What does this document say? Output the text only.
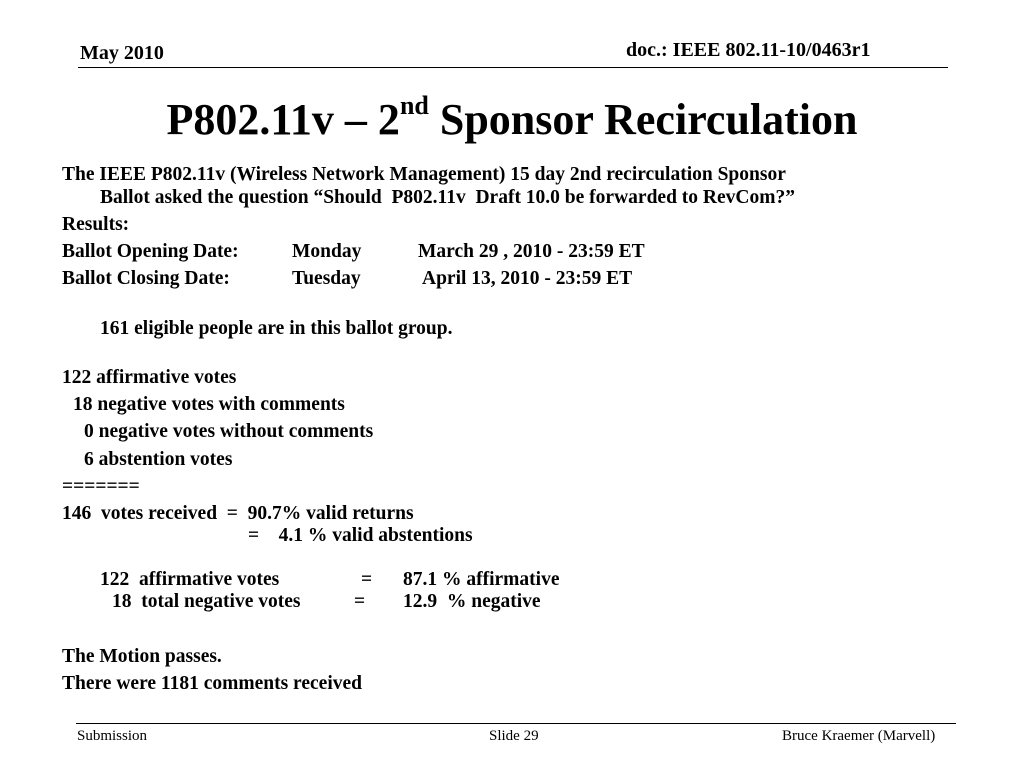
May 2010	doc.: IEEE 802.11-10/0463r1
P802.11v – 2nd Sponsor Recirculation
The IEEE P802.11v (Wireless Network Management) 15 day 2nd recirculation Sponsor
Ballot asked the question “Should  P802.11v  Draft 10.0 be forwarded to RevCom?”
Results:
Ballot Opening Date:	Monday	March 29 , 2010 - 23:59 ET
Ballot Closing Date:	Tuesday	April 13, 2010 - 23:59 ET
161 eligible people are in this ballot group.
122 affirmative votes
18 negative votes with comments
0 negative votes without comments
6 abstention votes
=======
146  votes received  =  90.7% valid returns
=    4.1 % valid abstentions
122  affirmative votes	= 87.1 % affirmative
18  total negative votes	= 12.9  % negative
The Motion passes.
There were 1181 comments received
Submission	Slide 29	Bruce Kraemer (Marvell)
